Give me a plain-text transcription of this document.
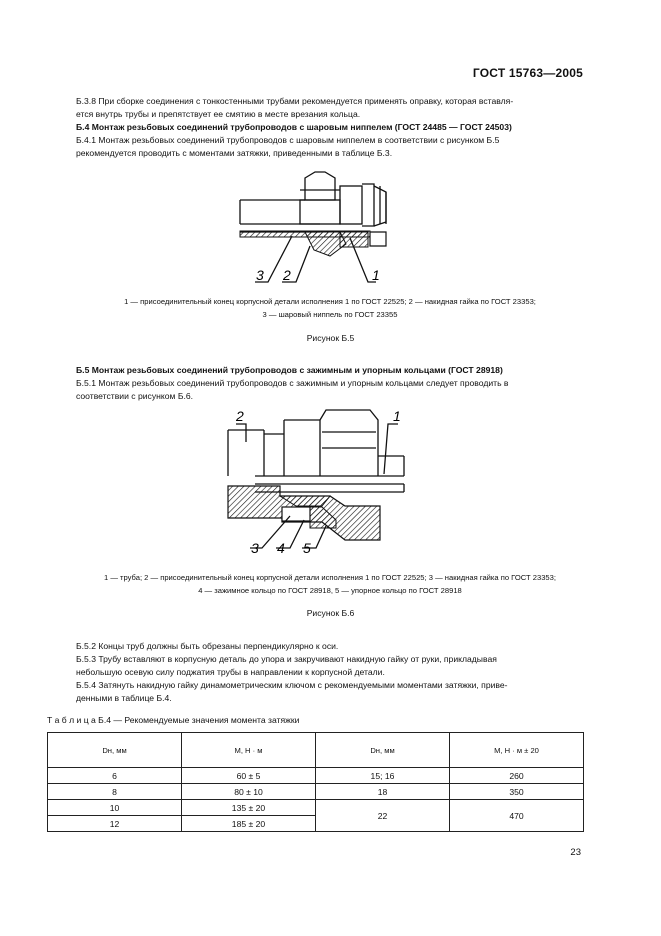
ГОСТ 15763—2005
Б.3.8 При сборке соединения с тонкостенными трубами рекомендуется применять оправку, которая вставля-
ется внутрь трубы и препятствует ее смятию в месте врезания кольца.
Б.4 Монтаж резьбовых соединений трубопроводов с шаровым ниппелем (ГОСТ 24485 — ГОСТ 24503)
Б.4.1 Монтаж резьбовых соединений трубопроводов с шаровым ниппелем в соответствии с рисунком Б.5
рекомендуется проводить с моментами затяжки, приведенными в таблице Б.3.
3 2	1
1 — присоединительный конец корпусной детали исполнения 1 по ГОСТ 22525; 2 — накидная гайка по ГОСТ 23353;
3 — шаровый ниппель по ГОСТ 23355
Рисунок Б.5
Б.5 Монтаж резьбовых соединений трубопроводов с зажимным и упорным кольцами (ГОСТ 28918)
Б.5.1 Монтаж резьбовых соединений трубопроводов с зажимным и упорным кольцами следует проводить в
соответствии с рисунком Б.6.
2	1
3 4 5
1 — труба; 2 — присоединительный конец корпусной детали исполнения 1 по ГОСТ 22525; 3 — накидная гайка по ГОСТ 23353;
4 — зажимное кольцо по ГОСТ 28918, 5 — упорное кольцо по ГОСТ 28918
Рисунок Б.6
Б.5.2 Концы труб должны быть обрезаны перпендикулярно к оси.
Б.5.3 Трубу вставляют в корпусную деталь до упора и закручивают накидную гайку от руки, прикладывая
небольшую осевую силу поджатия трубы в направлении к корпусной детали.
Б.5.4 Затянуть накидную гайку динамометрическим ключом с рекомендуемыми моментами затяжки, приве-
денными в таблице Б.4.
Т а б л и ц а Б.4 — Рекомендуемые значения момента затяжки
Dн, мм	М, Н · м	Dн, мм	М, Н · м ± 20
6	60 ± 5	15; 16	260
8	80 ± 10	18	350
10	135 ± 20	22	470
12	185 ± 20		
23
